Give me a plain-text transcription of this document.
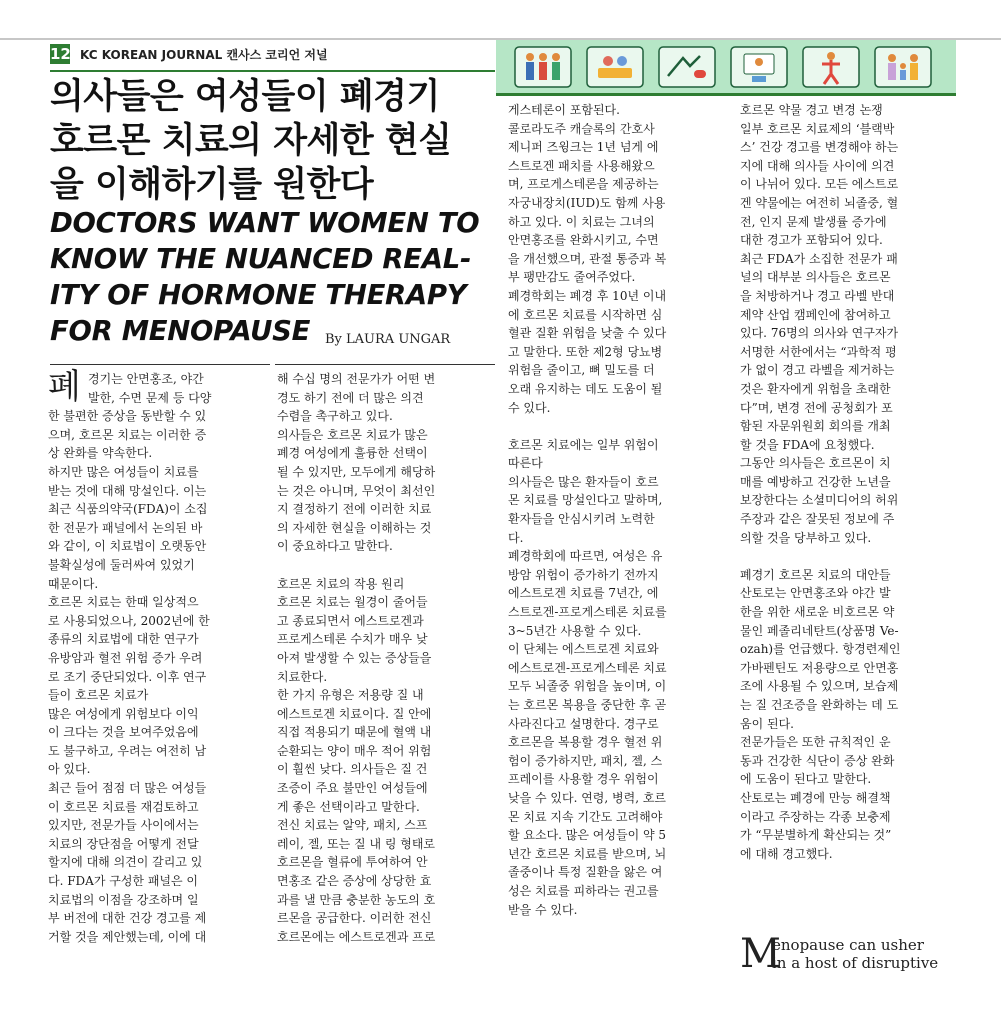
12 KC KOREAN JOURNAL 캔사스 코리언 저널
의사들은 여성들이 폐경기
호르몬 치료의 자세한 현실
을 이해하기를 원한다
DOCTORS WANT WOMEN TO
KNOW THE NUANCED REAL-
ITY OF HORMONE THERAPY
FOR MENOPAUSE	By LAURA UNGAR
폐 경기는 안면홍조, 야간

발한, 수면 문제 등 다양

한 불편한 증상을 동반할 수 있

으며, 호르몬 치료는 이러한 증

상 완화를 약속한다.

하지만 많은 여성들이 치료를

받는 것에 대해 망설인다. 이는

최근 식품의약국(FDA)이 소집

한 전문가 패널에서 논의된 바

와 같이, 이 치료법이 오랫동안

불확실성에 둘러싸여 있었기

때문이다.

호르몬 치료는 한때 일상적으

로 사용되었으나, 2002년에 한

종류의 치료법에 대한 연구가

유방암과 혈전 위험 증가 우려

로 조기 중단되었다. 이후 연구

들이 호르몬 치료가

많은 여성에게 위험보다 이익

이 크다는 것을 보여주었음에

도 불구하고, 우려는 여전히 남

아 있다.

최근 들어 점점 더 많은 여성들

이 호르몬 치료를 재검토하고

있지만, 전문가들 사이에서는

치료의 장단점을 어떻게 전달

할지에 대해 의견이 갈리고 있

다. FDA가 구성한 패널은 이

치료법의 이점을 강조하며 일

부 버전에 대한 건강 경고를 제

거할 것을 제안했는데, 이에 대

해 수십 명의 전문가가 어떤 변

경도 하기 전에 더 많은 의견

수렴을 촉구하고 있다.

의사들은 호르몬 치료가 많은

폐경 여성에게 훌륭한 선택이

될 수 있지만, 모두에게 해당하

는 것은 아니며, 무엇이 최선인

지 결정하기 전에 이러한 치료

의 자세한 현실을 이해하는 것

이 중요하다고 말한다.

호르몬 치료의 작용 원리

호르몬 치료는 월경이 줄어들

고 종료되면서 에스트로겐과

프로게스테론 수치가 매우 낮

아져 발생할 수 있는 증상들을

치료한다.

한 가지 유형은 저용량 질 내

에스트로겐 치료이다. 질 안에

직접 적용되기 때문에 혈액 내

순환되는 양이 매우 적어 위험

이 훨씬 낮다. 의사들은 질 건

조증이 주요 불만인 여성들에

게 좋은 선택이라고 말한다.

전신 치료는 알약, 패치, 스프

레이, 젤, 또는 질 내 링 형태로

호르몬을 혈류에 투여하여 안

면홍조 같은 증상에 상당한 효

과를 낼 만큼 충분한 농도의 호

르몬을 공급한다. 이러한 전신

호르몬에는 에스트로겐과 프로

게스테론이 포함된다.

콜로라도주 캐슬록의 간호사

제니퍼 즈윙크는 1년 넘게 에

스트로겐 패치를 사용해왔으

며, 프로게스테론을 제공하는

자궁내장치(IUD)도 함께 사용

하고 있다. 이 치료는 그녀의

안면홍조를 완화시키고, 수면

을 개선했으며, 관절 통증과 복

부 팽만감도 줄여주었다.

폐경학회는 폐경 후 10년 이내

에 호르몬 치료를 시작하면 심

혈관 질환 위험을 낮출 수 있다

고 말한다. 또한 제2형 당뇨병

위험을 줄이고, 뼈 밀도를 더

오래 유지하는 데도 도움이 될

수 있다.

호르몬 치료에는 일부 위험이

따른다

의사들은 많은 환자들이 호르

몬 치료를 망설인다고 말하며,

환자들을 안심시키려 노력한

다.

폐경학회에 따르면, 여성은 유

방암 위험이 증가하기 전까지

에스트로겐 치료를 7년간, 에

스트로겐-프로게스테론 치료를

3~5년간 사용할 수 있다.

이 단체는 에스트로겐 치료와

에스트로겐-프로게스테론 치료

모두 뇌졸중 위험을 높이며, 이

는 호르몬 복용을 중단한 후 곧

사라진다고 설명한다. 경구로

호르몬을 복용할 경우 혈전 위

험이 증가하지만, 패치, 젤, 스

프레이를 사용할 경우 위험이

낮을 수 있다. 연령, 병력, 호르

몬 치료 지속 기간도 고려해야

할 요소다. 많은 여성들이 약 5

년간 호르몬 치료를 받으며, 뇌

졸중이나 특정 질환을 앓은 여

성은 치료를 피하라는 권고를

받을 수 있다.

호르몬 약물 경고 변경 논쟁

일부 호르몬 치료제의 ‘블랙박

스’ 건강 경고를 변경해야 하는

지에 대해 의사들 사이에 의견

이 나뉘어 있다. 모든 에스트로

겐 약물에는 여전히 뇌졸중, 혈

전, 인지 문제 발생률 증가에

대한 경고가 포함되어 있다.

최근 FDA가 소집한 전문가 패

널의 대부분 의사들은 호르몬

을 처방하거나 경고 라벨 반대

제약 산업 캠페인에 참여하고

있다. 76명의 의사와 연구자가

서명한 서한에서는 “과학적 평

가 없이 경고 라벨을 제거하는

것은 환자에게 위험을 초래한

다”며, 변경 전에 공청회가 포

함된 자문위원회 회의를 개최

할 것을 FDA에 요청했다.

그동안 의사들은 호르몬이 치

매를 예방하고 건강한 노년을

보장한다는 소셜미디어의 허위

주장과 같은 잘못된 정보에 주

의할 것을 당부하고 있다.

폐경기 호르몬 치료의 대안들

산토로는 안면홍조와 야간 발

한을 위한 새로운 비호르몬 약

물인 페졸리네탄트(상품명 Ve-

ozah)를 언급했다. 항경련제인

가바펜틴도 저용량으로 안면홍

조에 사용될 수 있으며, 보습제

는 질 건조증을 완화하는 데 도

움이 된다.

전문가들은 또한 규칙적인 운

동과 건강한 식단이 증상 완화

에 도움이 된다고 말한다.

산토로는 폐경에 만능 해결책

이라고 주장하는 각종 보충제

가 “무분별하게 확산되는 것”

에 대해 경고했다.

M
enopause can usher
in a host of disruptive
